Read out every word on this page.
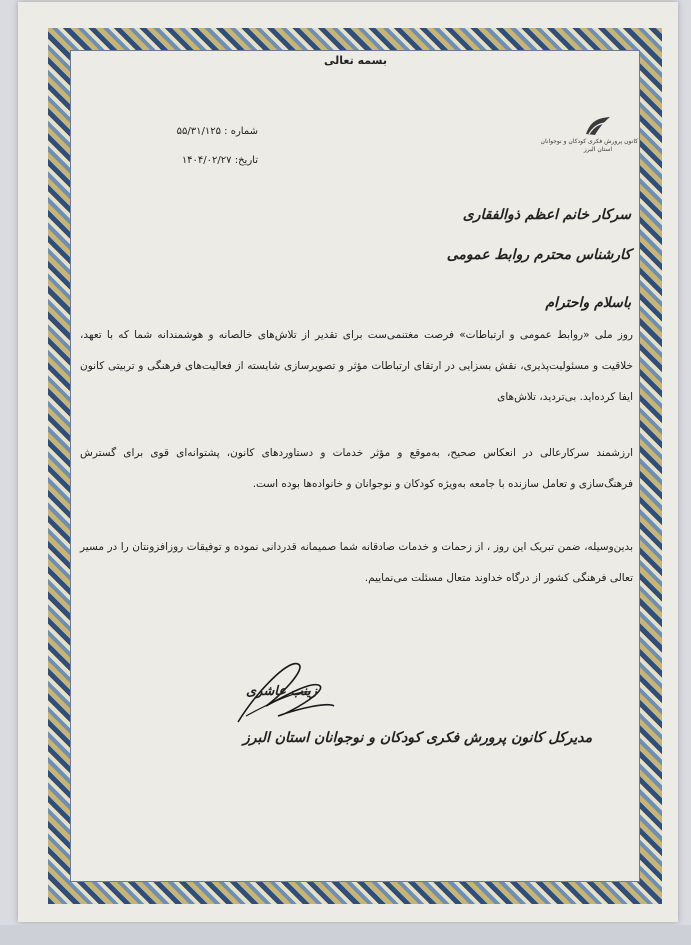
بسمه تعالی
کانون پرورش فکری کودکان و نوجوانان
استان البرز
شماره : ۵۵/۳۱/۱۲۵
تاریخ: ۱۴۰۴/۰۲/۲۷
سرکار خانم اعظم ذوالفقاری
کارشناس محترم روابط عمومی
باسلام واحترام
روز ملی «روابط عمومی و ارتباطات» فرصت مغتنمی‌ست برای تقدیر از تلاش‌های خالصانه و هوشمندانه شما که با تعهد، خلاقیت و مسئولیت‌پذیری، نقش بسزایی در ارتقای ارتباطات مؤثر و تصویرسازی شایسته از فعالیت‌های فرهنگی و تربیتی کانون ایفا کرده‌اید. بی‌تردید، تلاش‌های
ارزشمند سرکارعالی در انعکاس صحیح، به‌موقع و مؤثر خدمات و دستاوردهای کانون، پشتوانه‌ای قوی برای گسترش فرهنگ‌سازی و تعامل سازنده با جامعه به‌ویژه کودکان و نوجوانان و خانواده‌ها بوده است.
بدین‌وسیله، ضمن تبریک این روز ، از زحمات و خدمات صادقانه شما صمیمانه قدردانی نموده و توفیقات روزافزونتان را در مسیر تعالی فرهنگی کشور از درگاه خداوند متعال مسئلت می‌نماییم.
زینب عاشری
مدیرکل کانون پرورش فکری کودکان و نوجوانان استان البرز
